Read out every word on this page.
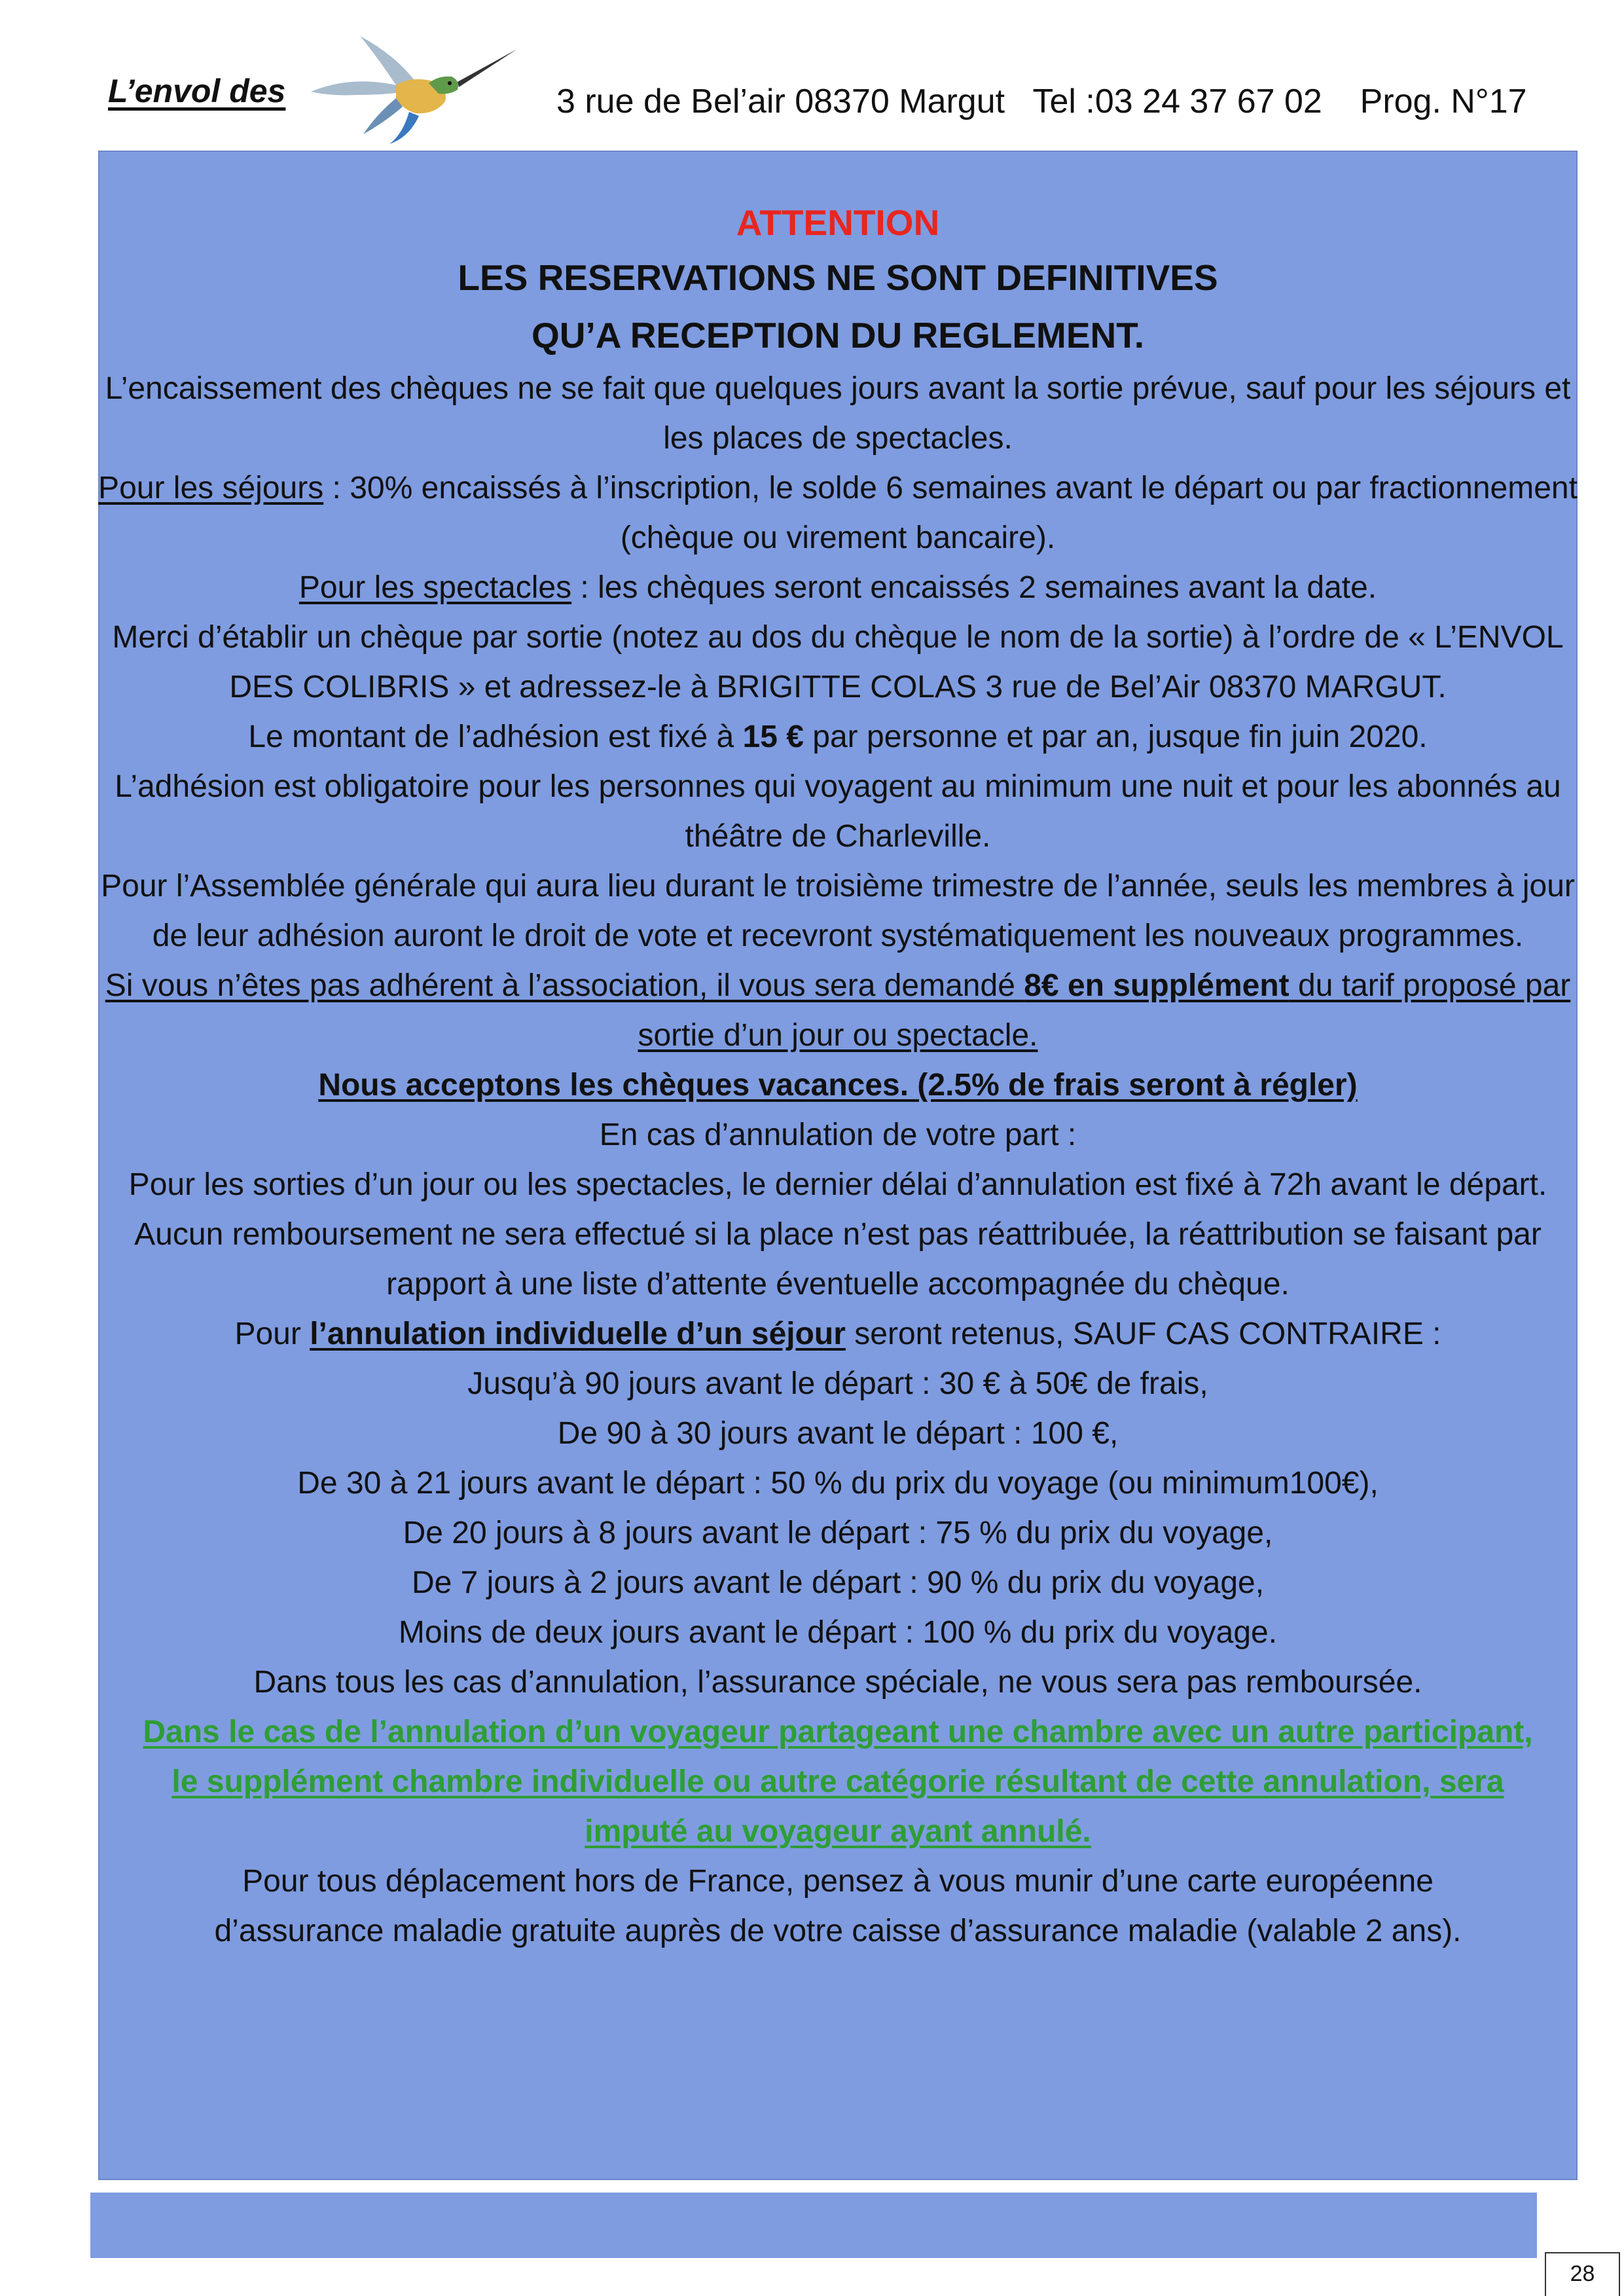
L’envol des	3 rue de Bel’air 08370 Margut   Tel :03 24 37 67 02    Prog. N°17

ATTENTION

LES RESERVATIONS NE SONT DEFINITIVES

QU’A RECEPTION DU REGLEMENT.

L’encaissement des chèques ne se fait que quelques jours avant la sortie prévue, sauf pour les séjours et les places de spectacles.

Pour les séjours : 30% encaissés à l’inscription, le solde 6 semaines avant le départ ou par fractionnement (chèque ou virement bancaire).

Pour les spectacles : les chèques seront encaissés 2 semaines avant la date.

Merci d’établir un chèque par sortie (notez au dos du chèque le nom de la sortie) à l’ordre de « L’ENVOL DES COLIBRIS » et adressez-le à BRIGITTE COLAS 3 rue de Bel’Air 08370 MARGUT.

Le montant de l’adhésion est fixé à 15 € par personne et par an, jusque fin juin 2020.

L’adhésion est obligatoire pour les personnes qui voyagent au minimum une nuit et pour les abonnés au théâtre de Charleville.

Pour l’Assemblée générale qui aura lieu durant le troisième trimestre de l’année, seuls les membres à jour de leur adhésion auront le droit de vote et recevront systématiquement les nouveaux programmes.

Si vous n’êtes pas adhérent à l’association, il vous sera demandé 8€ en supplément du tarif proposé par sortie d’un jour ou spectacle.

Nous acceptons les chèques vacances. (2.5% de frais seront à régler)

En cas d’annulation de votre part :

Pour les sorties d’un jour ou les spectacles, le dernier délai d’annulation est fixé à 72h avant le départ. Aucun remboursement ne sera effectué si la place n’est pas réattribuée, la réattribution se faisant par rapport à une liste d’attente éventuelle accompagnée du chèque.

Pour l’annulation individuelle d’un séjour seront retenus, SAUF CAS CONTRAIRE :

Jusqu’à 90 jours avant le départ : 30 € à 50€ de frais,

De 90 à 30 jours avant le départ : 100 €,

De 30 à 21 jours avant le départ : 50 % du prix du voyage (ou minimum100€),

De 20 jours à 8 jours avant le départ : 75 % du prix du voyage,

De 7 jours à 2 jours avant le départ : 90 % du prix du voyage,

Moins de deux jours avant le départ : 100 % du prix du voyage.

Dans tous les cas d’annulation, l’assurance spéciale, ne vous sera pas remboursée.

Dans le cas de l’annulation d’un voyageur partageant une chambre avec un autre participant, le supplément chambre individuelle ou autre catégorie résultant de cette annulation, sera imputé au voyageur ayant annulé.

Pour tous déplacement hors de France, pensez à vous munir d’une carte européenne d’assurance maladie gratuite auprès de votre caisse d’assurance maladie (valable 2 ans).

28
